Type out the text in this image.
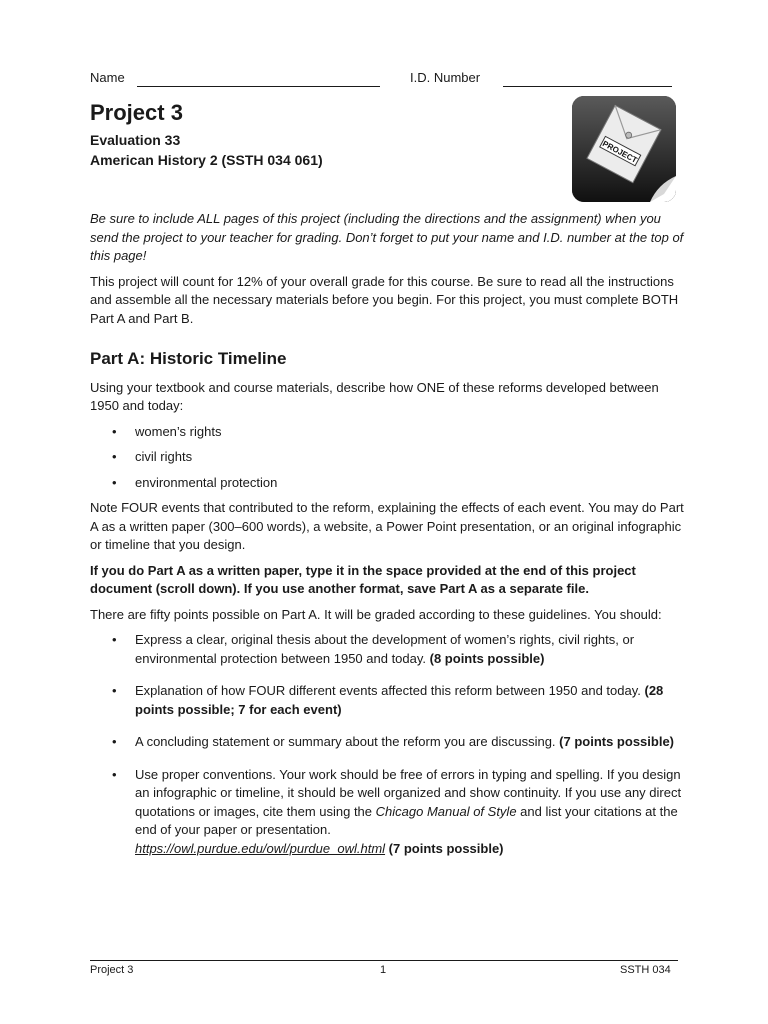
Name	I.D. Number
Project 3
Evaluation 33
American History 2 (SSTH 034 061)	PROJECT

Be sure to include ALL pages of this project (including the directions and the assignment) when you send the project to your teacher for grading. Don’t forget to put your name and I.D. number at the top of this page!

This project will count for 12% of your overall grade for this course. Be sure to read all the instructions and assemble all the necessary materials before you begin. For this project, you must complete BOTH Part A and Part B.

Part A: Historic Timeline

Using your textbook and course materials, describe how ONE of these reforms developed between 1950 and today:

• women’s rights
• civil rights
• environmental protection

Note FOUR events that contributed to the reform, explaining the effects of each event. You may do Part A as a written paper (300–600 words), a website, a Power Point presentation, or an original infographic or timeline that you design.

If you do Part A as a written paper, type it in the space provided at the end of this project document (scroll down). If you use another format, save Part A as a separate file.

There are fifty points possible on Part A. It will be graded according to these guidelines. You should:

• Express a clear, original thesis about the development of women’s rights, civil rights, or environmental protection between 1950 and today. (8 points possible)
• Explanation of how FOUR different events affected this reform between 1950 and today. (28 points possible; 7 for each event)
• A concluding statement or summary about the reform you are discussing. (7 points possible)
• Use proper conventions. Your work should be free of errors in typing and spelling. If you design an infographic or timeline, it should be well organized and show continuity. If you use any direct quotations or images, cite them using the Chicago Manual of Style and list your citations at the end of your paper or presentation.
https://owl.purdue.edu/owl/purdue_owl.html (7 points possible)
Project 3	1	SSTH 034
